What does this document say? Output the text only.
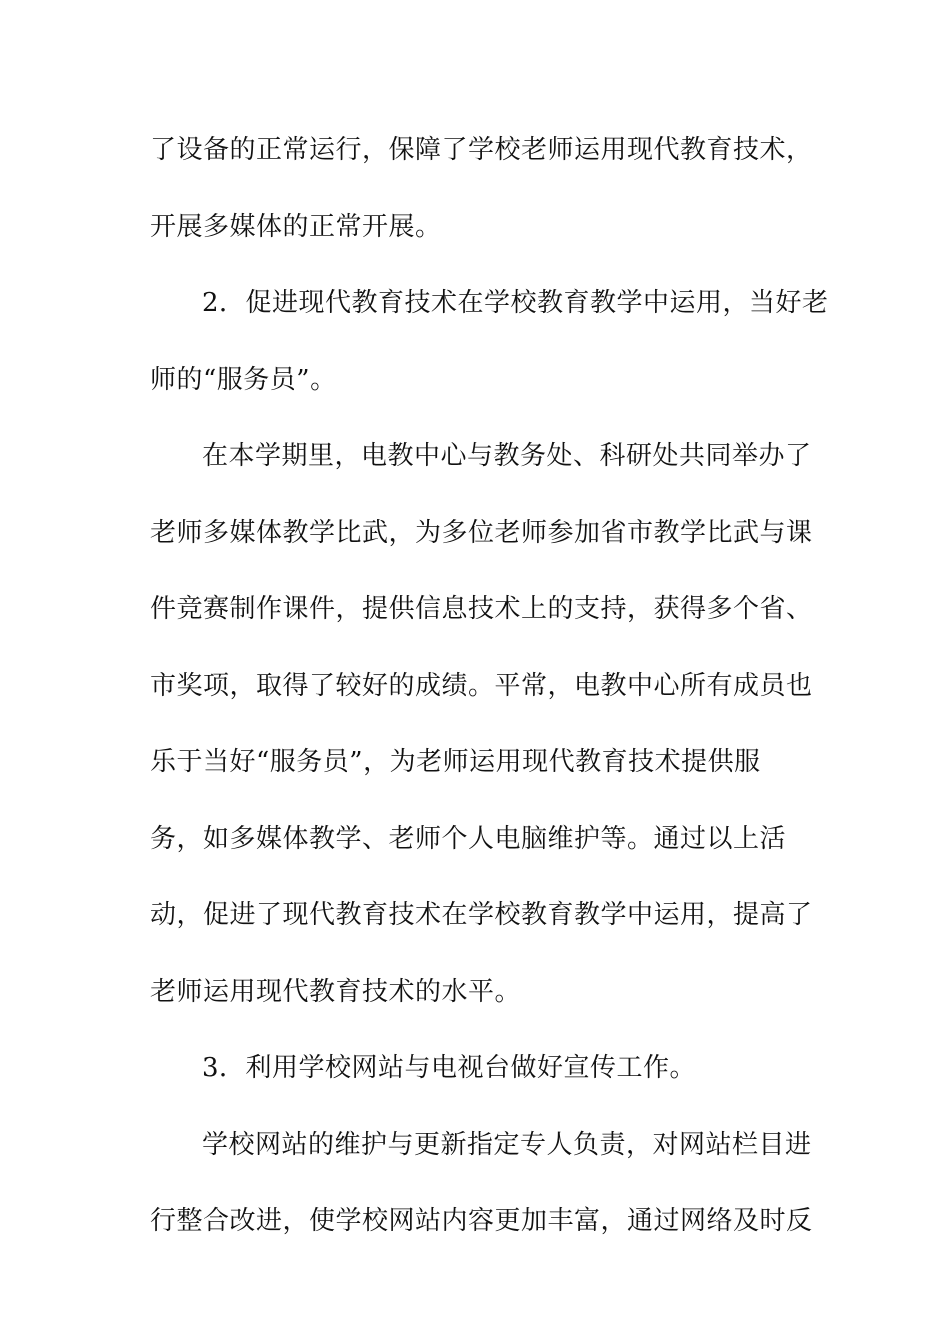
了设备的正常运行，保障了学校老师运用现代教育技术，
开展多媒体的正常开展。
2．促进现代教育技术在学校教育教学中运用，当好老
师的“服务员”。
在本学期里，电教中心与教务处、科研处共同举办了
老师多媒体教学比武，为多位老师参加省市教学比武与课
件竞赛制作课件，提供信息技术上的支持，获得多个省、
市奖项，取得了较好的成绩。平常，电教中心所有成员也
乐于当好“服务员”，为老师运用现代教育技术提供服
务，如多媒体教学、老师个人电脑维护等。通过以上活
动，促进了现代教育技术在学校教育教学中运用，提高了
老师运用现代教育技术的水平。
3．利用学校网站与电视台做好宣传工作。
学校网站的维护与更新指定专人负责，对网站栏目进
行整合改进，使学校网站内容更加丰富，通过网络及时反
